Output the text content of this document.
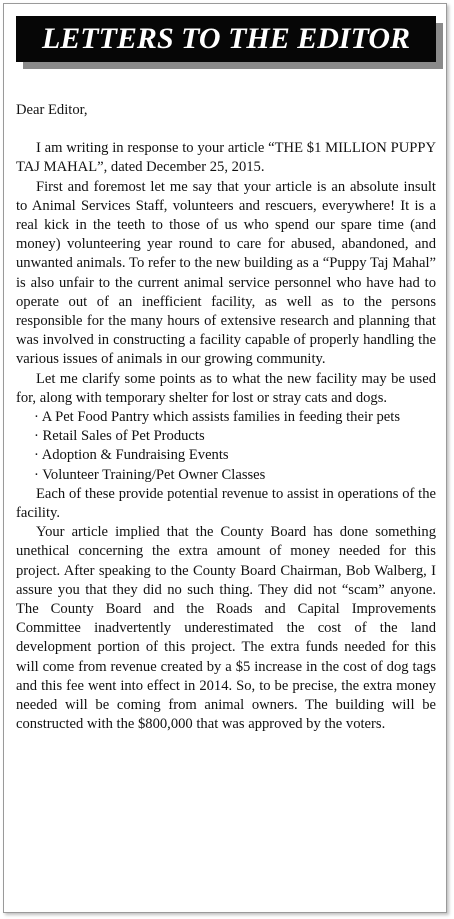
LETTERS TO THE EDITOR

Dear Editor,

I am writing in response to your article “THE $1 MILLION PUPPY TAJ MAHAL”, dated December 25, 2015.

First and foremost let me say that your article is an absolute insult to Animal Services Staff, volunteers and rescuers, everywhere! It is a real kick in the teeth to those of us who spend our spare time (and money) volunteering year round to care for abused, abandoned, and unwanted animals. To refer to the new building as a “Puppy Taj Mahal” is also unfair to the current animal service personnel who have had to operate out of an inefficient facility, as well as to the persons responsible for the many hours of extensive research and planning that was involved in constructing a facility capable of properly handling the various issues of animals in our growing community.

Let me clarify some points as to what the new facility may be used for, along with temporary shelter for lost or stray cats and dogs.

· A Pet Food Pantry which assists families in feeding their pets

· Retail Sales of Pet Products

· Adoption & Fundraising Events

· Volunteer Training/Pet Owner Classes

Each of these provide potential revenue to assist in operations of the facility.

Your article implied that the County Board has done something unethical concerning the extra amount of money needed for this project. After speaking to the County Board Chairman, Bob Walberg, I assure you that they did no such thing. They did not “scam” anyone. The County Board and the Roads and Capital Improvements Committee inadvertently underestimated the cost of the land development portion of this project. The extra funds needed for this will come from revenue created by a $5 increase in the cost of dog tags and this fee went into effect in 2014. So, to be precise, the extra money needed will be coming from animal owners. The building will be constructed with the $800,000 that was approved by the voters.
